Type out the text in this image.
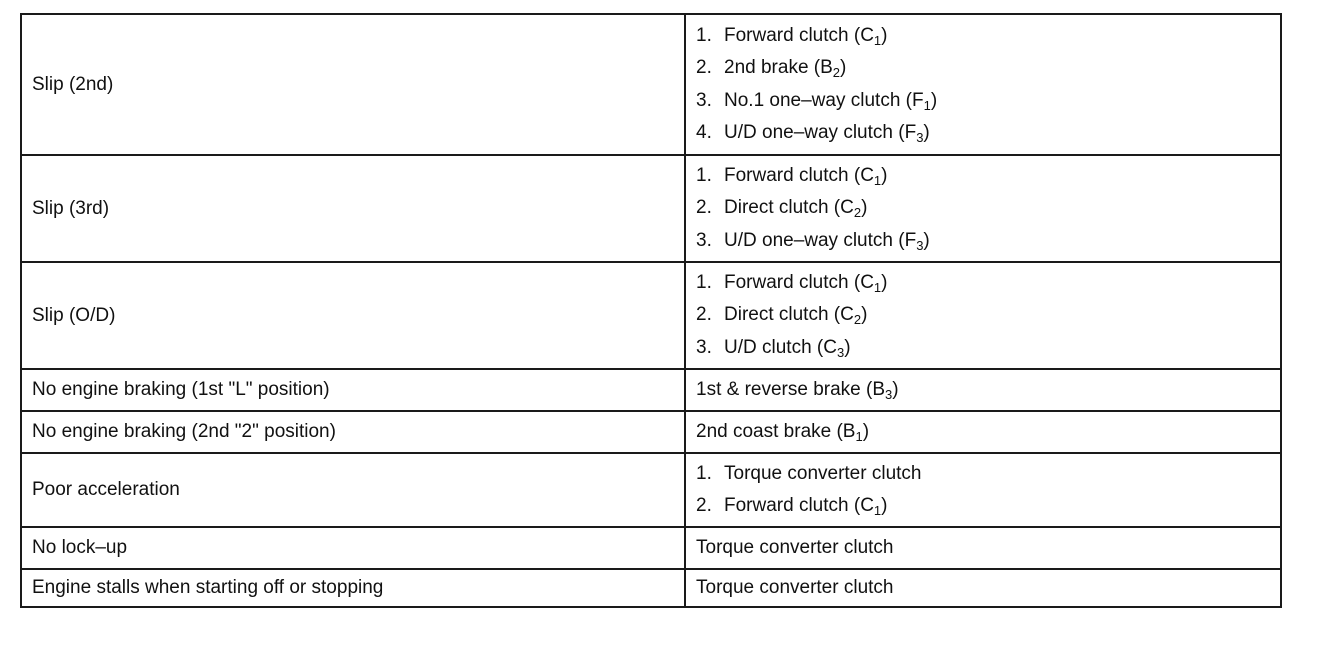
Slip (2nd)	1. Forward clutch $(C_1)$
2. 2nd brake $(B_2)$
3. No.1 one–way clutch $(F_1)$
4. U/D one–way clutch $(F_3)$

Slip (3rd)	1. Forward clutch $(C_1)$
2. Direct clutch $(C_2)$
3. U/D one–way clutch $(F_3)$

Slip (O/D)	1. Forward clutch $(C_1)$
2. Direct clutch $(C_2)$
3. U/D clutch $(C_3)$

No engine braking (1st "L" position)	1st & reverse brake $(B_3)$
No engine braking (2nd "2" position)	2nd coast brake $(B_1)$
Poor acceleration	1. Torque converter clutch
2. Forward clutch $(C_1)$

No lock–up	Torque converter clutch
Engine stalls when starting off or stopping	Torque converter clutch
